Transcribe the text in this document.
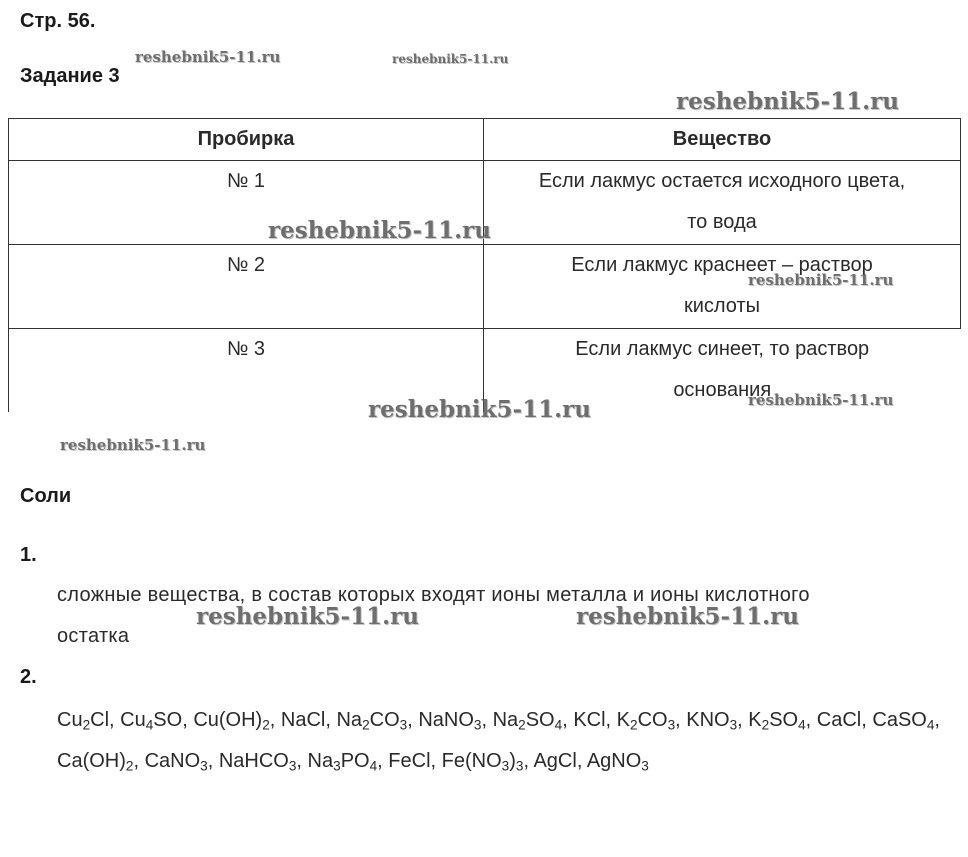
Стр. 56.
Задание 3
Пробирка	Вещество
№ 1	Если лакмус остается исходного цвета,
то вода

№ 2	Если лакмус краснеет – раствор
кислоты

№ 3	Если лакмус синеет, то раствор
основания
Соли
1.
сложные вещества, в состав которых входят ионы металла и ионы кислотного
остатка
2.
$Cu_2Cl$, $Cu_4SO$, $Cu(OH)_2$, NaCl, $Na_2CO_3$, NaNO$_3$, $Na_2SO_4$, KCl, $K_2CO_3$, $KNO_3$, $K_2SO_4$, CaCl, CaSO$_4$, $Ca(OH)_2$, CaNO$_3$, NaHCO$_3$, $Na_3PO_4$, FeCl, $Fe(NO_3)_3$, AgCl, AgNO$_3$
reshebnik5-11.ru	reshebnik5-11.ru
reshebnik5-11.ru
reshebnik5-11.ru
reshebnik5-11.ru
reshebnik5-11.ru	reshebnik5-11.ru
reshebnik5-11.ru
reshebnik5-11.ru	reshebnik5-11.ru
